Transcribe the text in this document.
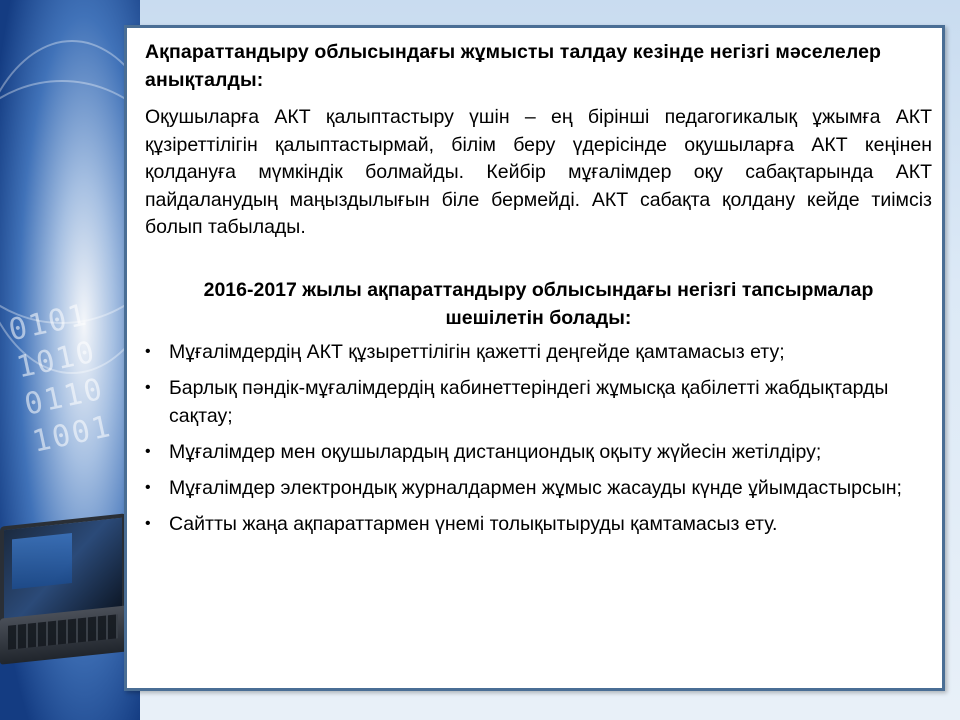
0101
1010
0110
1001

Ақпараттандыру облысындағы жұмысты талдау кезінде негізгі мәселелер анықталды:

Оқушыларға АКТ қалыптастыру үшін – ең бірінші педагогикалық ұжымға АКТ құзіреттілігін қалыптастырмай, білім беру үдерісінде оқушыларға АКТ кеңінен қолдануға мүмкіндік болмайды. Кейбір мұғалімдер оқу сабақтарында АКТ пайдаланудың маңыздылығын біле бермейді. АКТ сабақта қолдану кейде тиімсіз болып табылады.

2016-2017 жылы ақпараттандыру облысындағы негізгі тапсырмалар шешілетін болады:

• Мұғалімдердің АКТ құзыреттілігін қажетті деңгейде қамтамасыз ету;
• Барлық пәндік-мұғалімдердің кабинеттеріндегі жұмысқа қабілетті жабдықтарды сақтау;
• Мұғалімдер мен оқушылардың дистанциондық оқыту жүйесін жетілдіру;
• Мұғалімдер электрондық журналдармен жұмыс жасауды күнде ұйымдастырсын;
• Сайтты жаңа ақпараттармен үнемі толықытыруды қамтамасыз ету.
